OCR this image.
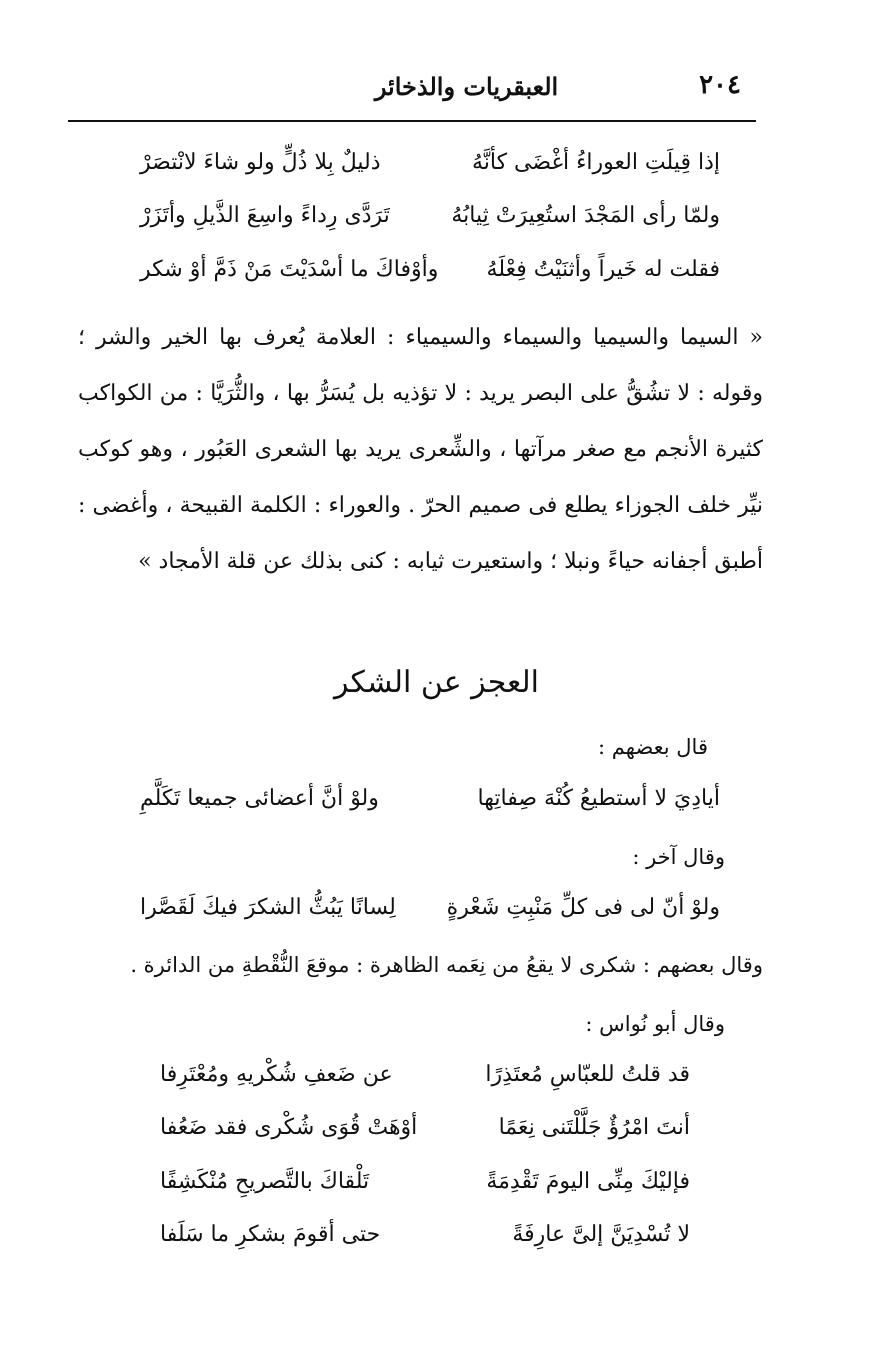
٢٠٤
العبقريات والذخائر
إذا قِيلَتِ العوراءُ أغْضَى كأنَّهُ
ذليلٌ بِلا ذُلٍّ ولو شاءَ لانْتصَرْ
ولمّا رأى المَجْدَ استُعِيرَتْ ثِيابُهُ
تَرَدَّى رِداءً واسِعَ الذَّيلِ وأتَزَرْ
فقلت له خَيراً وأثنَيْتُ فِعْلَهُ
وأوْفاكَ ما أسْدَيْتَ مَنْ ذَمَّ أوْ شكر

« السيما والسيميا والسيماء والسيمياء : العلامة يُعرف بها الخير والشر ؛ وقوله : لا تشُقُّ على البصر يريد : لا تؤذيه بل يُسَرُّ بها ، والثُّرَيَّا : من الكواكب كثيرة الأنجم مع صغر مرآتها ، والشِّعرى يريد بها الشعرى العَبُور ، وهو كوكب نيِّر خلف الجوزاء يطلع فى صميم الحرّ . والعوراء : الكلمة القبيحة ، وأغضى : أطبق أجفانه حياءً ونبلا ؛ واستعيرت ثيابه : كنى بذلك عن قلة الأمجاد »

العجز عن الشكر
قال بعضهم :
أيادِيَ لا أستطيعُ كُنْهَ صِفاتِها
ولوْ أنَّ أعضائى جميعا تَكَلَّمِ
وقال آخر :
ولوْ أنّ لى فى كلِّ مَنْبِتِ شَعْرةٍ
لِسانًا يَبُثُّ الشكرَ فيكَ لَقَصَّرا
وقال بعضهم : شكرى لا يقعُ من نِعَمه الظاهرة : موقعَ النُّقْطةِ من الدائرة .
وقال أبو نُواس :
قد قلتُ للعبّاسِ مُعتَذِرًا
عن ضَعفِ شُكْريهِ ومُعْتَرِفا
أنتَ امْرُؤٌ جَلَّلْتَنى نِعَمًا
أوْهَتْ قُوَى شُكْرى فقد ضَعُفا
فإليْكَ مِنِّى اليومَ تَقْدِمَةً
تَلْقاكَ بالتَّصريحِ مُنْكَشِفًا
لا تُسْدِيَنَّ إلىَّ عارِفَةً
حتى أقومَ بشكرِ ما سَلَفا
